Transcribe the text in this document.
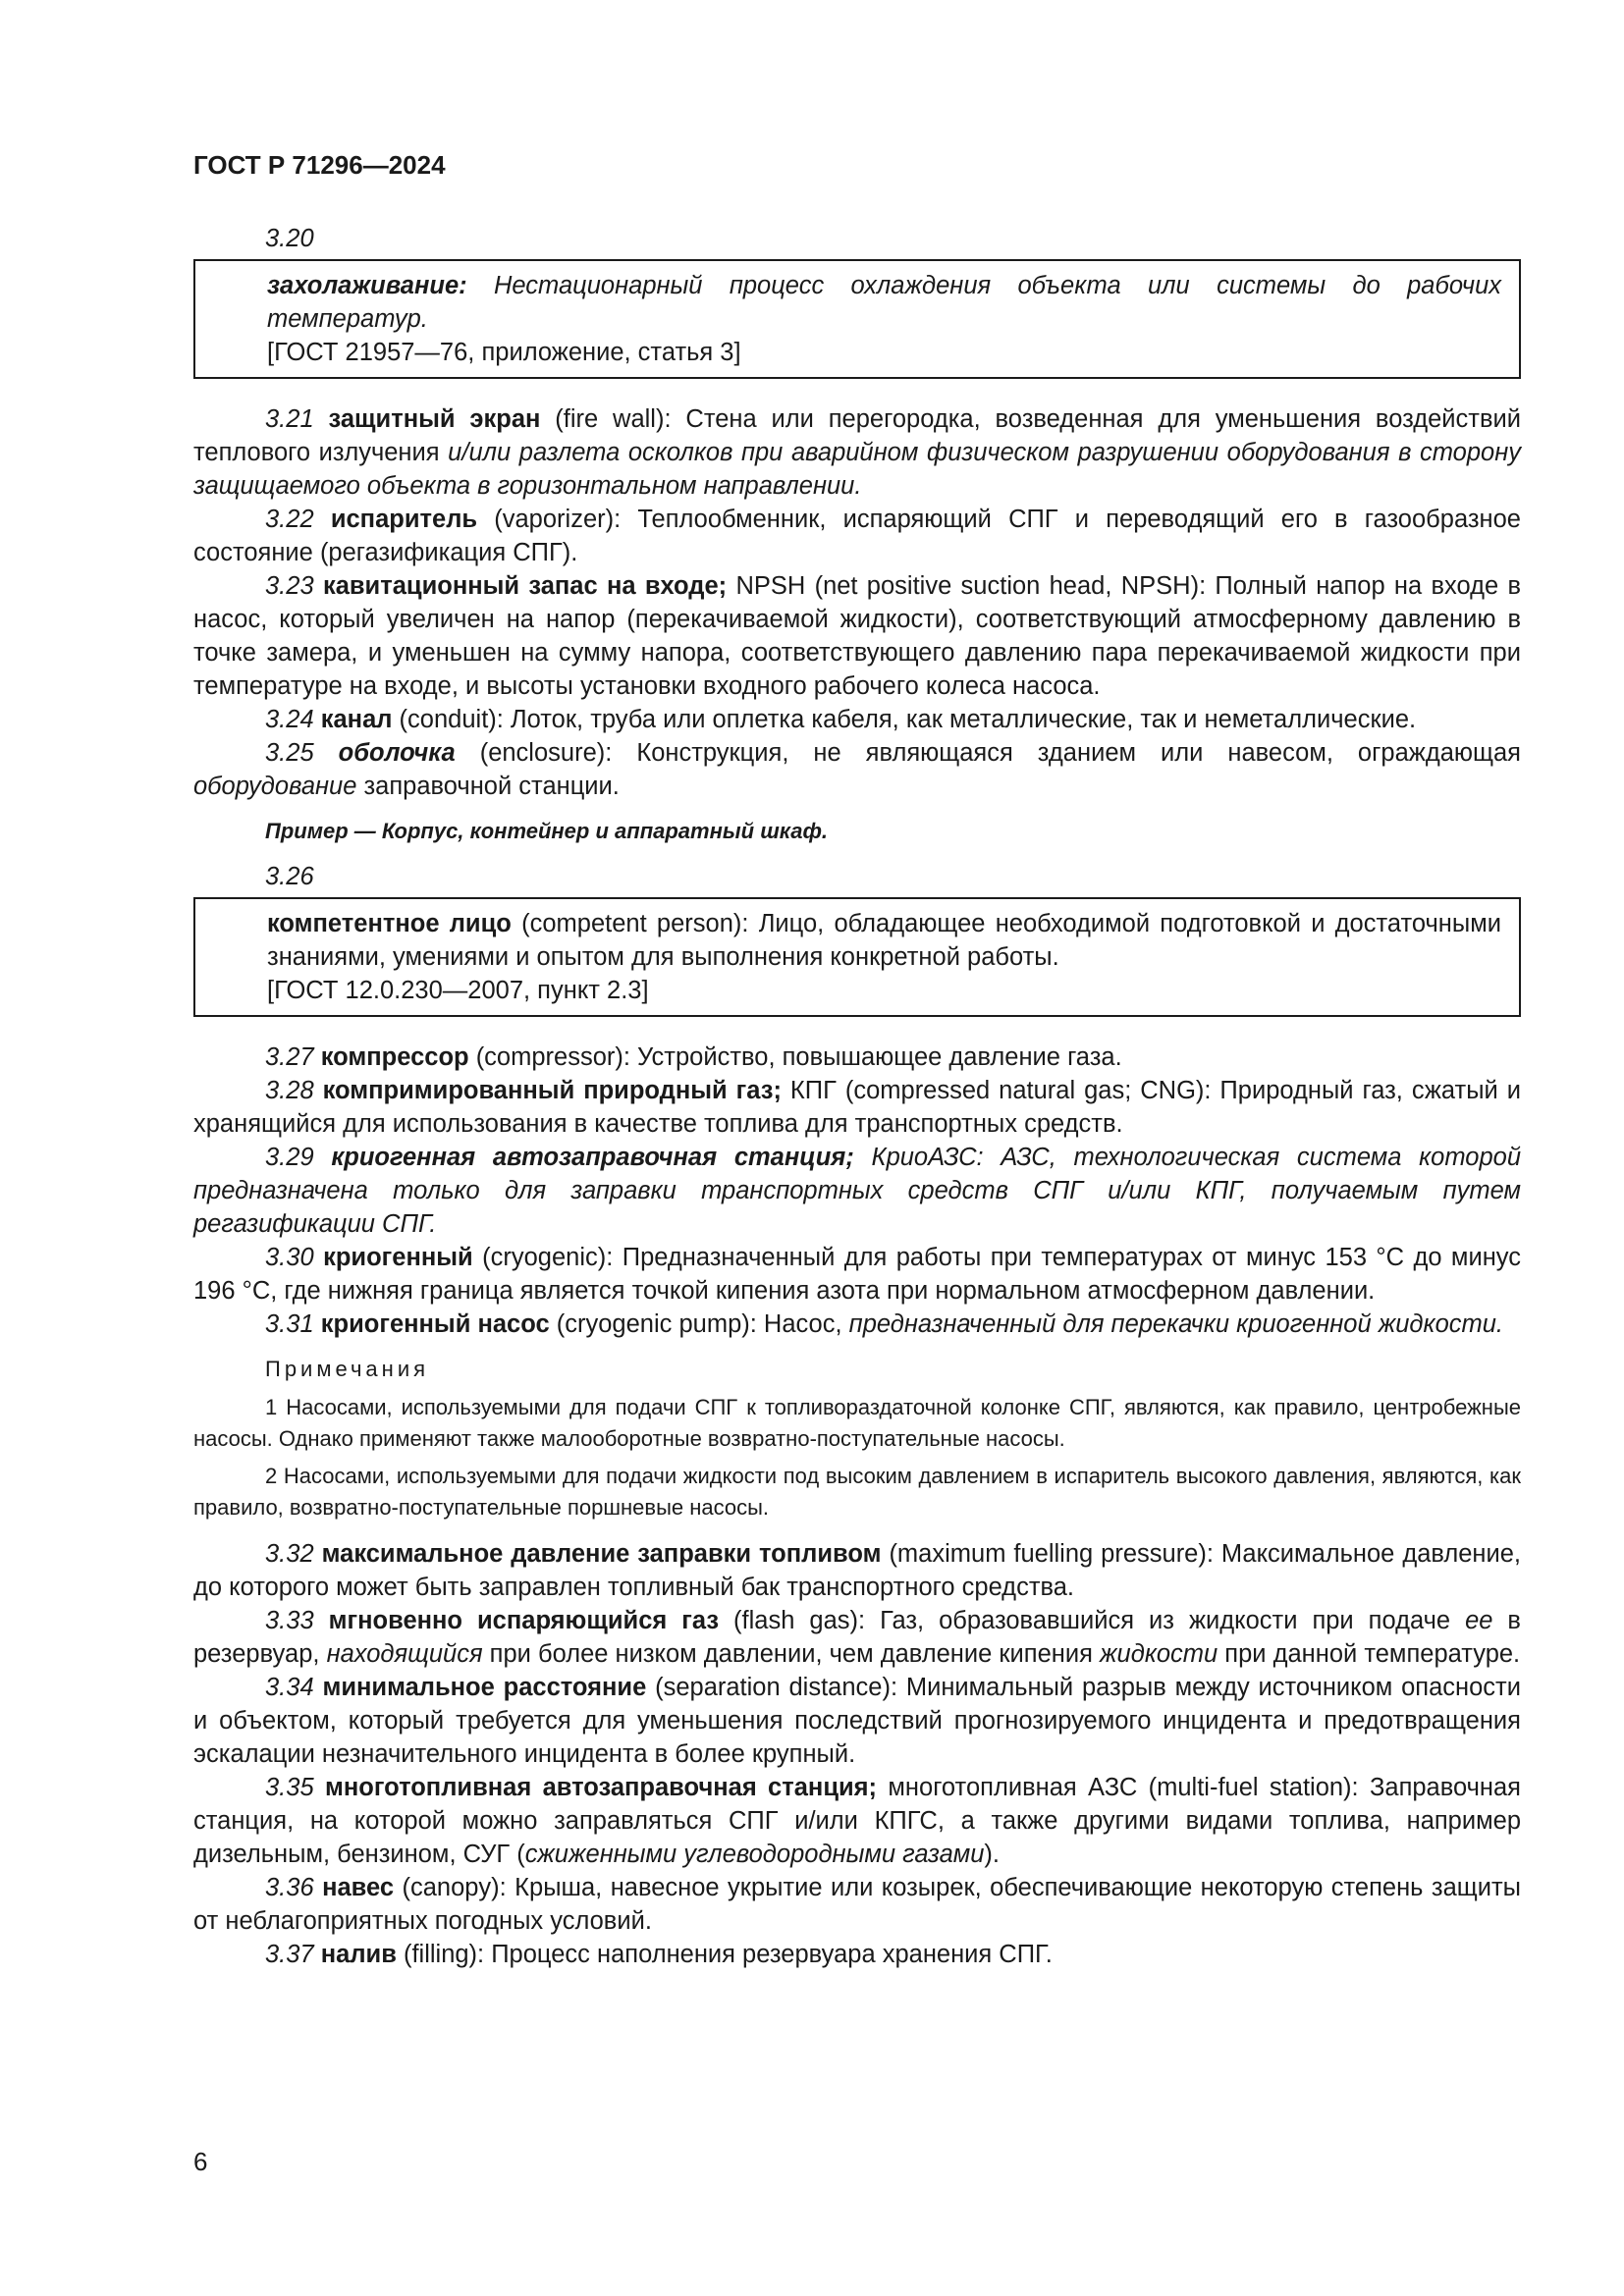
ГОСТ Р 71296—2024
3.20

захолаживание: Нестационарный процесс охлаждения объекта или системы до рабочих температур.

[ГОСТ 21957—76, приложение, статья 3]

3.21 защитный экран (fire wall): Стена или перегородка, возведенная для уменьшения воздействий теплового излучения и/или разлета осколков при аварийном физическом разрушении оборудования в сторону защищаемого объекта в горизонтальном направлении.

3.22 испаритель (vaporizer): Теплообменник, испаряющий СПГ и переводящий его в газообразное состояние (регазификация СПГ).

3.23 кавитационный запас на входе; NPSH (net positive suction head, NPSH): Полный напор на входе в насос, который увеличен на напор (перекачиваемой жидкости), соответствующий атмосферному давлению в точке замера, и уменьшен на сумму напора, соответствующего давлению пара перекачиваемой жидкости при температуре на входе, и высоты установки входного рабочего колеса насоса.

3.24 канал (conduit): Лоток, труба или оплетка кабеля, как металлические, так и неметаллические.

3.25 оболочка (enclosure): Конструкция, не являющаяся зданием или навесом, ограждающая оборудование заправочной станции.

Пример — Корпус, контейнер и аппаратный шкаф.

3.26

компетентное лицо (competent person): Лицо, обладающее необходимой подготовкой и достаточными знаниями, умениями и опытом для выполнения конкретной работы.

[ГОСТ 12.0.230—2007, пункт 2.3]

3.27 компрессор (compressor): Устройство, повышающее давление газа.

3.28 компримированный природный газ; КПГ (compressed natural gas; CNG): Природный газ, сжатый и хранящийся для использования в качестве топлива для транспортных средств.

3.29 криогенная автозаправочная станция; КриоАЗС: АЗС, технологическая система которой предназначена только для заправки транспортных средств СПГ и/или КПГ, получаемым путем регазификации СПГ.

3.30 криогенный (cryogenic): Предназначенный для работы при температурах от минус 153 °С до минус 196 °С, где нижняя граница является точкой кипения азота при нормальном атмосферном давлении.

3.31 криогенный насос (cryogenic pump): Насос, предназначенный для перекачки криогенной жидкости.

Примечания

1 Насосами, используемыми для подачи СПГ к топливораздаточной колонке СПГ, являются, как правило, центробежные насосы. Однако применяют также малооборотные возвратно-поступательные насосы.

2 Насосами, используемыми для подачи жидкости под высоким давлением в испаритель высокого давления, являются, как правило, возвратно-поступательные поршневые насосы.

3.32 максимальное давление заправки топливом (maximum fuelling pressure): Максимальное давление, до которого может быть заправлен топливный бак транспортного средства.

3.33 мгновенно испаряющийся газ (flash gas): Газ, образовавшийся из жидкости при подаче ее в резервуар, находящийся при более низком давлении, чем давление кипения жидкости при данной температуре.

3.34 минимальное расстояние (separation distance): Минимальный разрыв между источником опасности и объектом, который требуется для уменьшения последствий прогнозируемого инцидента и предотвращения эскалации незначительного инцидента в более крупный.

3.35 многотопливная автозаправочная станция; многотопливная АЗС (multi-fuel station): Заправочная станция, на которой можно заправляться СПГ и/или КПГС, а также другими видами топлива, например дизельным, бензином, СУГ (сжиженными углеводородными газами).

3.36 навес (canopy): Крыша, навесное укрытие или козырек, обеспечивающие некоторую степень защиты от неблагоприятных погодных условий.

3.37 налив (filling): Процесс наполнения резервуара хранения СПГ.

6
